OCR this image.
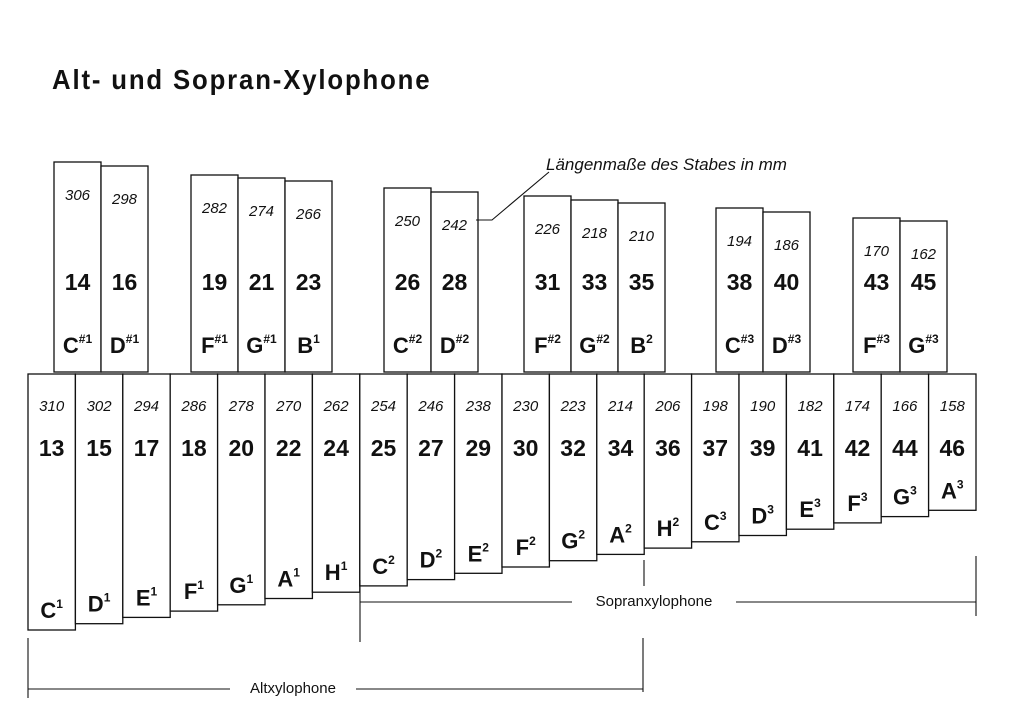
Alt- und Sopran-Xylophone
306
14
$C^{\#1}$
298
16
$D^{\#1}$
282
19
$F^{\#1}$
274
21
$G^{\#1}$
266
23
$B^1$
250
26
$C^{\#2}$
242
28
$D^{\#2}$
226
31
$F^{\#2}$
218
33
$G^{\#2}$
210
35
$B^2$
194
38
$C^{\#3}$
186
40
$D^{\#3}$
170
43
$F^{\#3}$
162
45
$G^{\#3}$
310
13
$C^1$
302
15
$D^1$
294
17
$E^1$
286
18
$F^1$
278
20
$G^1$
270
22
$A^1$
262
24
$H^1$
254
25
$C^2$
246
27
$D^2$
238
29
$E^2$
230
30
$F^2$
223
32
$G^2$
214
34
$A^2$
206
36
$H^2$
198
37
$C^3$
190
39
$D^3$
182
41
$E^3$
174
42
$F^3$
166
44
$G^3$
158
46
$A^3$
Längenmaße des Stabes in mm
Sopranxylophone
Altxylophone
